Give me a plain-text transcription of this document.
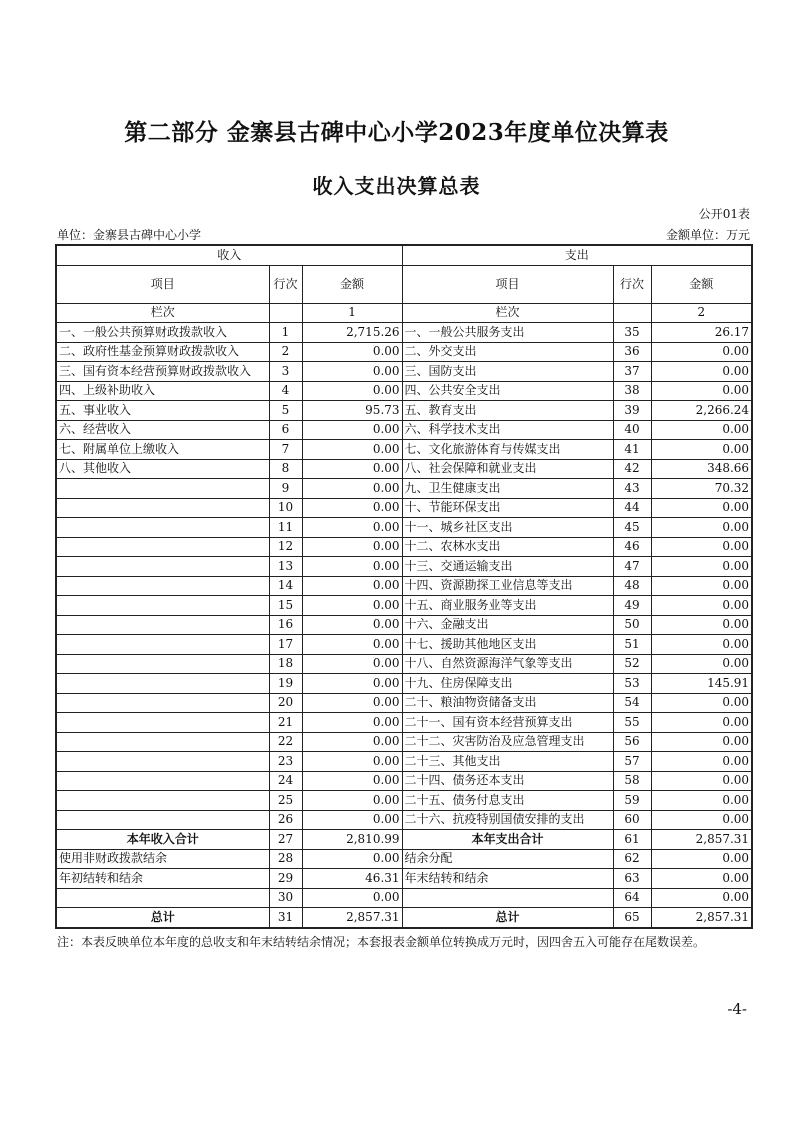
第二部分 金寨县古碑中心小学2023年度单位决算表
收入支出决算总表
公开01表
单位：金寨县古碑中心小学	金额单位：万元
收入			支出		
项目	行次	金额	项目	行次	金额
栏次		1	栏次		2
一、一般公共预算财政拨款收入	1	2,715.26	一、一般公共服务支出	35	26.17
二、政府性基金预算财政拨款收入	2	0.00	二、外交支出	36	0.00
三、国有资本经营预算财政拨款收入	3	0.00	三、国防支出	37	0.00
四、上级补助收入	4	0.00	四、公共安全支出	38	0.00
五、事业收入	5	95.73	五、教育支出	39	2,266.24
六、经营收入	6	0.00	六、科学技术支出	40	0.00
七、附属单位上缴收入	7	0.00	七、文化旅游体育与传媒支出	41	0.00
八、其他收入	8	0.00	八、社会保障和就业支出	42	348.66
	9	0.00	九、卫生健康支出	43	70.32
	10	0.00	十、节能环保支出	44	0.00
	11	0.00	十一、城乡社区支出	45	0.00
	12	0.00	十二、农林水支出	46	0.00
	13	0.00	十三、交通运输支出	47	0.00
	14	0.00	十四、资源勘探工业信息等支出	48	0.00
	15	0.00	十五、商业服务业等支出	49	0.00
	16	0.00	十六、金融支出	50	0.00
	17	0.00	十七、援助其他地区支出	51	0.00
	18	0.00	十八、自然资源海洋气象等支出	52	0.00
	19	0.00	十九、住房保障支出	53	145.91
	20	0.00	二十、粮油物资储备支出	54	0.00
	21	0.00	二十一、国有资本经营预算支出	55	0.00
	22	0.00	二十二、灾害防治及应急管理支出	56	0.00
	23	0.00	二十三、其他支出	57	0.00
	24	0.00	二十四、债务还本支出	58	0.00
	25	0.00	二十五、债务付息支出	59	0.00
	26	0.00	二十六、抗疫特别国债安排的支出	60	0.00
本年收入合计	27	2,810.99	本年支出合计	61	2,857.31
使用非财政拨款结余	28	0.00	结余分配	62	0.00
年初结转和结余	29	46.31	年末结转和结余	63	0.00
	30	0.00		64	0.00
总计	31	2,857.31	总计	65	2,857.31
注：本表反映单位本年度的总收支和年末结转结余情况；本套报表金额单位转换成万元时，因四舍五入可能存在尾数误差。
-4-
